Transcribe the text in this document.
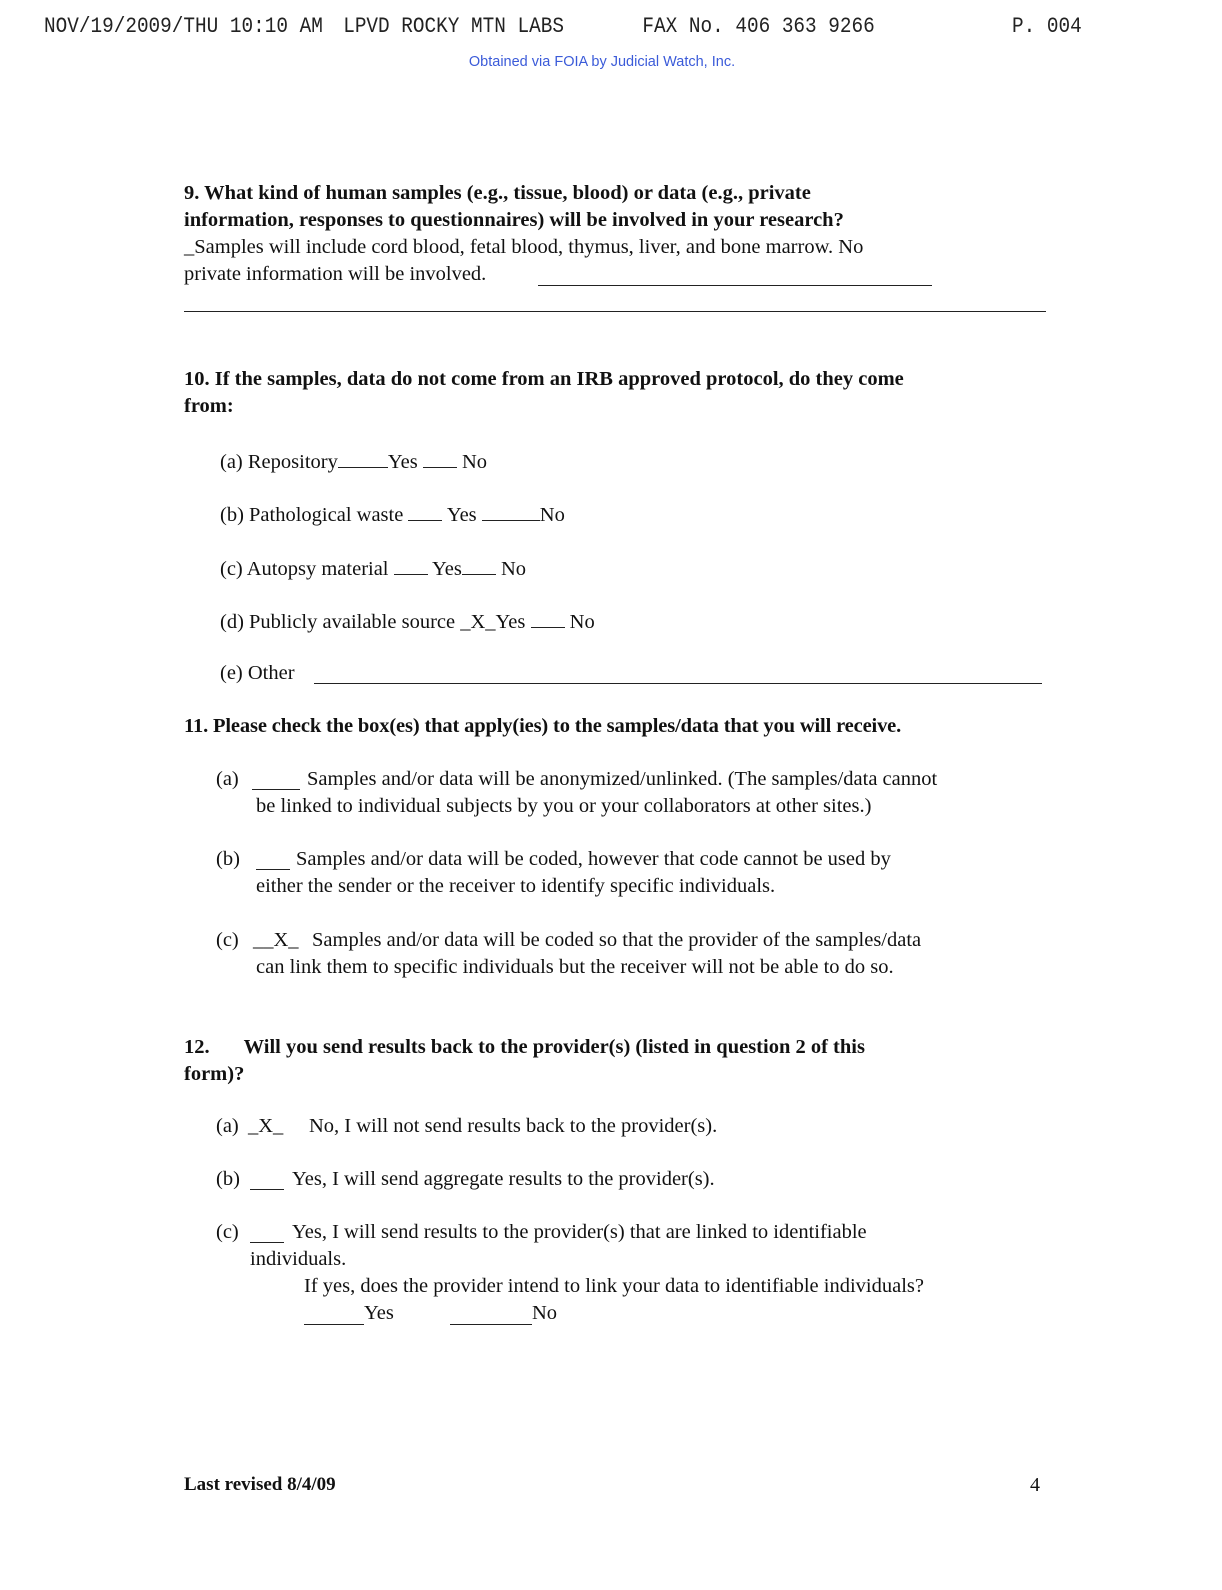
NOV/19/2009/THU 10:10 AM LPVD ROCKY MTN LABS	FAX No. 406 363 9266	P. 004
Obtained via FOIA by Judicial Watch, Inc.
9. What kind of human samples (e.g., tissue, blood) or data (e.g., private
information, responses to questionnaires) will be involved in your research?
_Samples will include cord blood, fetal blood, thymus, liver, and bone marrow. No
private information will be involved.
10. If the samples, data do not come from an IRB approved protocol, do they come
from:
(a) Repository Yes No
(b) Pathological waste Yes	No
(c) Autopsy material Yes No
(d) Publicly available source _X_Yes No
(e) Other
11. Please check the box(es) that apply(ies) to the samples/data that you will receive.
(a)	Samples and/or data will be anonymized/unlinked. (The samples/data cannot
be linked to individual subjects by you or your collaborators at other sites.)
(b)	Samples and/or data will be coded, however that code cannot be used by
either the sender or the receiver to identify specific individuals.
(c) __X_ Samples and/or data will be coded so that the provider of the samples/data
can link them to specific individuals but the receiver will not be able to do so.
12. Will you send results back to the provider(s) (listed in question 2 of this
form)?
(a) _X_ No, I will not send results back to the provider(s).
(b)	Yes, I will send aggregate results to the provider(s).
(c)	Yes, I will send results to the provider(s) that are linked to identifiable
individuals.
If yes, does the provider intend to link your data to identifiable individuals?
Yes	No
Last revised 8/4/09	4
